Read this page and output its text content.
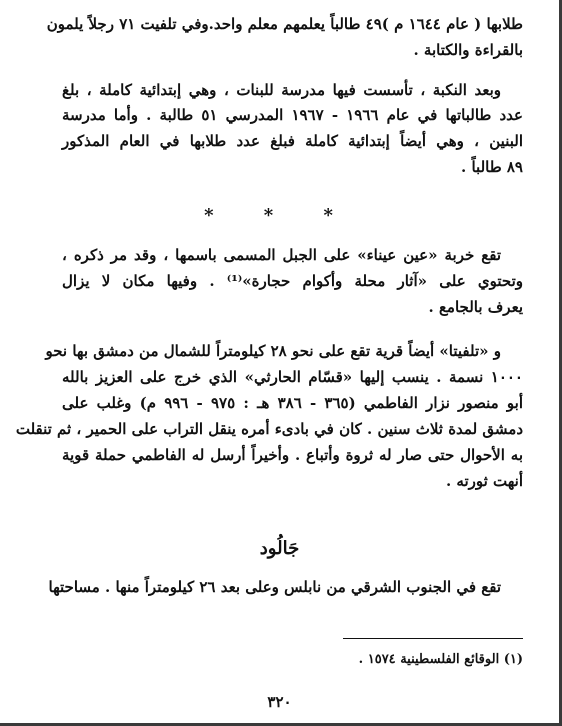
طلابها ( عام ١٦٤٤ م )٤٩ طالباً يعلمهم معلم واحد.وفي تلفيت ٧١ رجلاً يلمون
بالقراءة والكتابة .
وبعد النكبة ، تأسست فيها مدرسة للبنات ، وهي إبتدائية كاملة ، بلغ
عدد طالباتها في عام ١٩٦٦ - ١٩٦٧ المدرسي ٥١ طالبة . وأما مدرسة
البنين ، وهي أيضاً إبتدائية كاملة فبلغ عدد طلابها في العام المذكور
٨٩ طالباً .
* * *
تقع خربة «عين عيناء» على الجبل المسمى باسمها ، وقد مر ذكره ،
وتحتوي على «آثار محلة وأكوام حجارة»⁽¹⁾ . وفيها مكان لا يزال
يعرف بالجامع .
و «تلفيتا» أيضاً قرية تقع على نحو ٢٨ كيلومتراً للشمال من دمشق بها نحو
١٠٠٠ نسمة . ينسب إليها «قسّام الحارثي» الذي خرج على العزيز بالله
أبو منصور نزار الفاطمي (٣٦٥ - ٣٨٦ هـ : ٩٧٥ - ٩٩٦ م) وغلب على
دمشق لمدة ثلاث سنين . كان في بادىء أمره ينقل التراب على الحمير ، ثم تنقلت
به الأحوال حتى صار له ثروة وأتباع . وأخيراً أرسل له الفاطمي حملة قوية
أنهت ثورته .
جَالُود
تقع في الجنوب الشرقي من نابلس وعلى بعد ٢٦ كيلومتراً منها . مساحتها
(١) الوقائع الفلسطينية ١٥٧٤ .
٣٢٠
